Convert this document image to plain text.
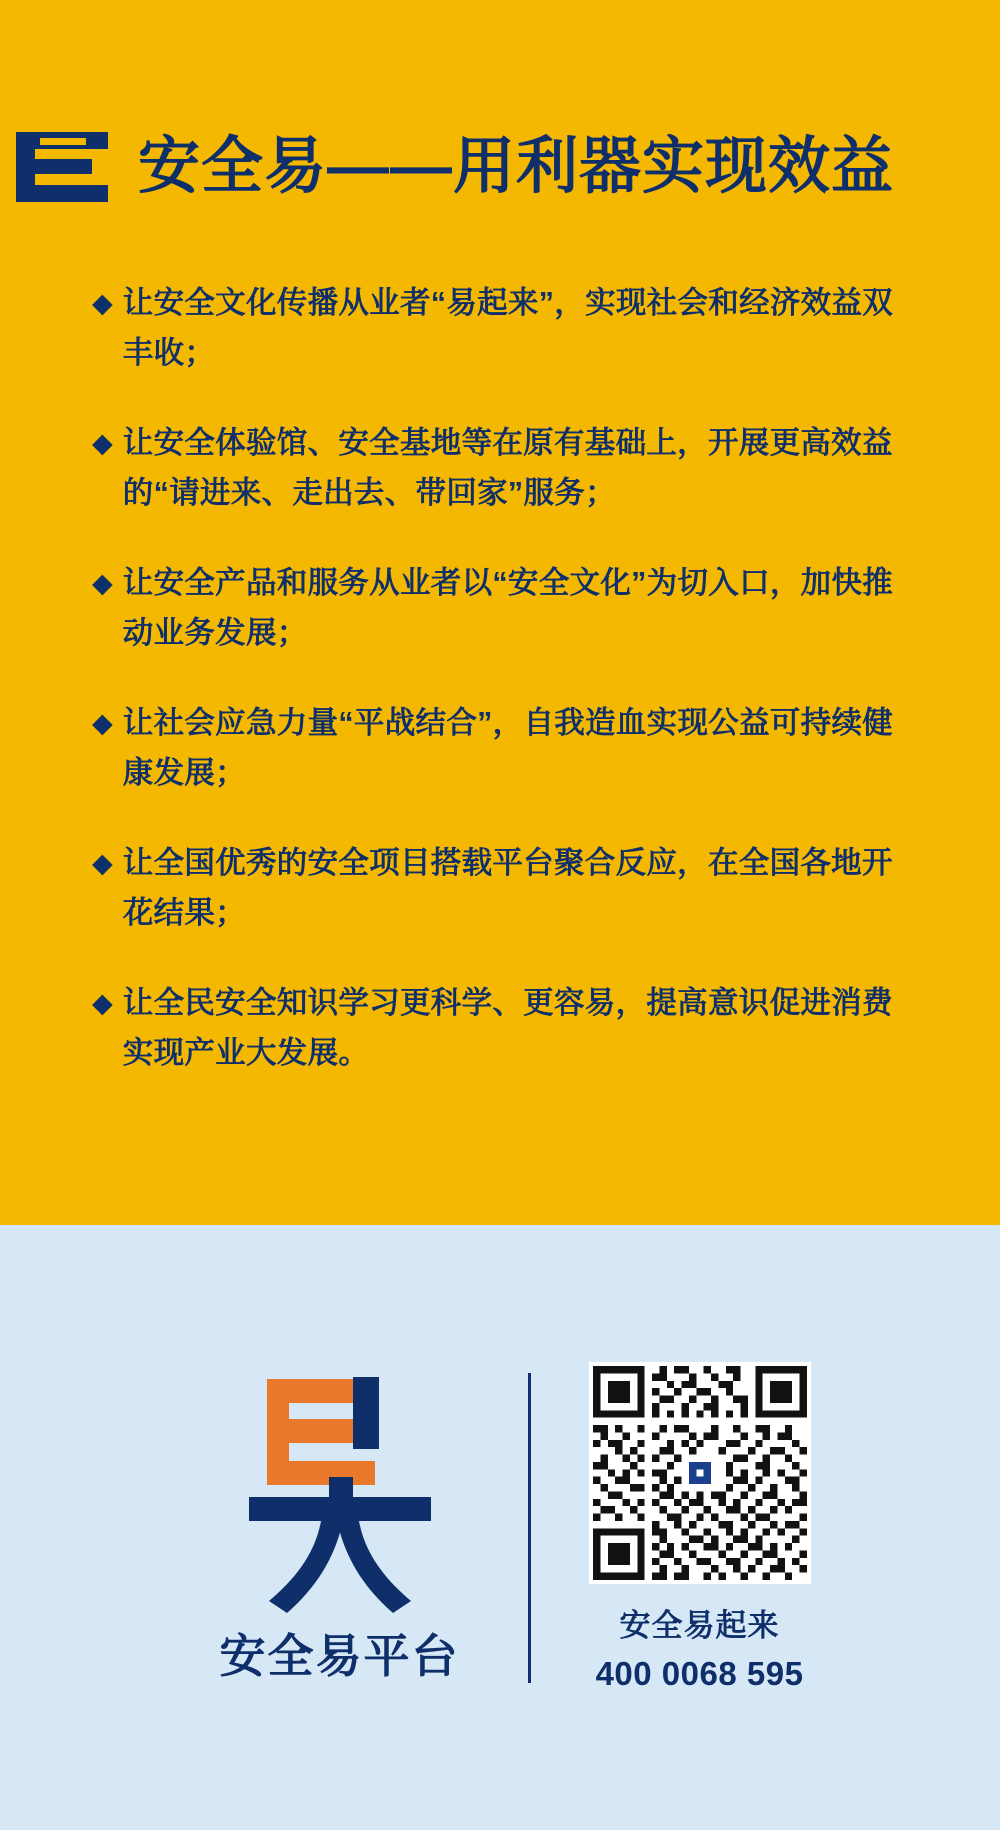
安全易——用利器实现效益
◆ 让安全文化传播从业者“易起来”，实现社会和经济效益双丰收；
◆ 让安全体验馆、安全基地等在原有基础上，开展更高效益的“请进来、走出去、带回家”服务；
◆ 让安全产品和服务从业者以“安全文化”为切入口，加快推动业务发展；
◆ 让社会应急力量“平战结合”，自我造血实现公益可持续健康发展；
◆ 让全国优秀的安全项目搭载平台聚合反应，在全国各地开花结果；
◆ 让全民安全知识学习更科学、更容易，提高意识促进消费实现产业大发展。
安全易平台
安全易起来
400 0068 595
